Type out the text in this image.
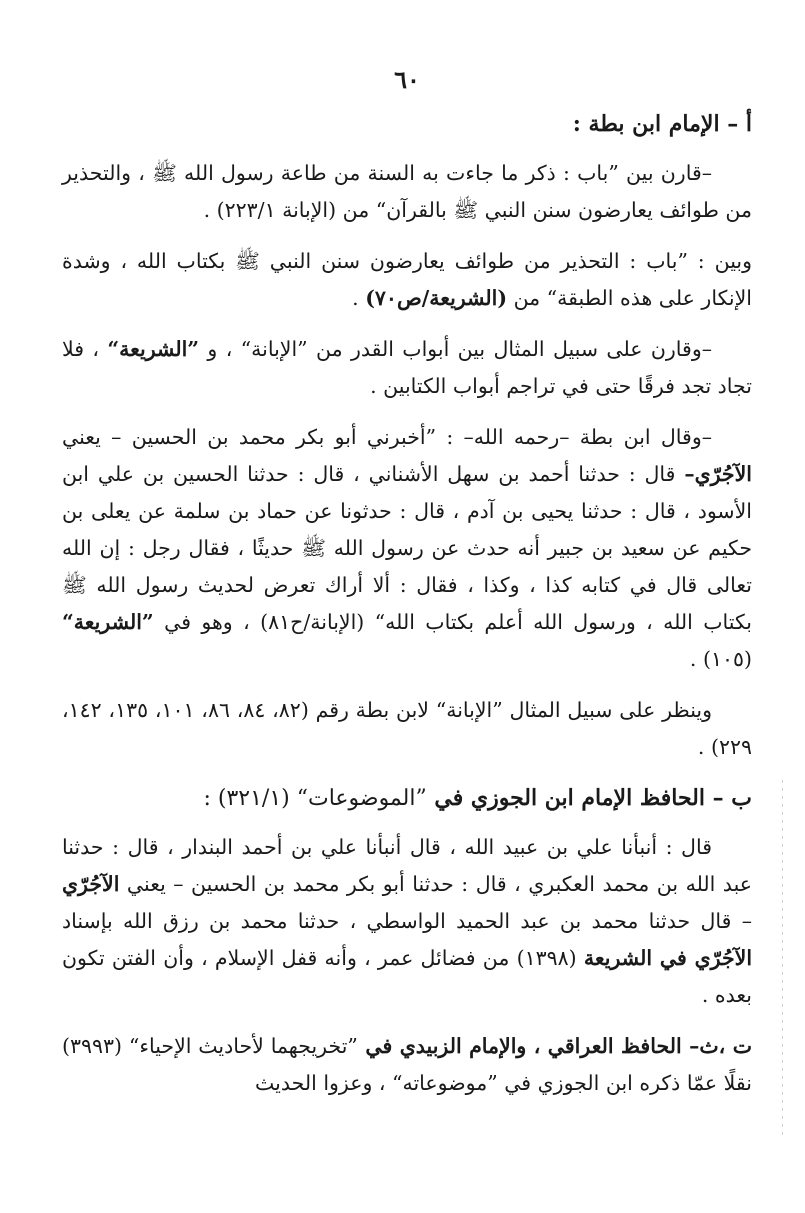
٦٠
أ – الإمام ابن بطة :

–قارن بين ”باب : ذكر ما جاءت به السنة من طاعة رسول الله ﷺ ، والتحذير من طوائف يعارضون سنن النبي ﷺ بالقرآن“ من (الإبانة ٢٢٣/١) .

وبين : ”باب : التحذير من طوائف يعارضون سنن النبي ﷺ بكتاب الله ، وشدة الإنكار على هذه الطبقة“ من (الشريعة/ص٧٠) .

–وقارن على سبيل المثال بين أبواب القدر من ”الإبانة“ ، و ”الشريعة“ ، فلا تجاد تجد فرقًا حتى في تراجم أبواب الكتابين .

–وقال ابن بطة –رحمه الله– : ”أخبرني أبو بكر محمد بن الحسين – يعني الآجُرّي– قال : حدثنا أحمد بن سهل الأشناني ، قال : حدثنا الحسين بن علي ابن الأسود ، قال : حدثنا يحيى بن آدم ، قال : حدثونا عن حماد بن سلمة عن يعلى بن حكيم عن سعيد بن جبير أنه حدث عن رسول الله ﷺ حديثًا ، فقال رجل : إن الله تعالى قال في كتابه كذا ، وكذا ، فقال : ألا أراك تعرض لحديث رسول الله ﷺ بكتاب الله ، ورسول الله أعلم بكتاب الله“ (الإبانة/ح٨١) ، وهو في ”الشريعة“ (١٠٥) .

وينظر على سبيل المثال ”الإبانة“ لابن بطة رقم (٨٢، ٨٤، ٨٦، ١٠١، ١٣٥، ١٤٢، ٢٢٩) .

ب – الحافظ الإمام ابن الجوزي في ”الموضوعات“ (٣٢١/١) :

قال : أنبأنا علي بن عبيد الله ، قال أنبأنا علي بن أحمد البندار ، قال : حدثنا عبد الله بن محمد العكبري ، قال : حدثنا أبو بكر محمد بن الحسين – يعني الآجُرّي – قال حدثنا محمد بن عبد الحميد الواسطي ، حدثنا محمد بن رزق الله بإسناد الآجُرّي في الشريعة (١٣٩٨) من فضائل عمر ، وأنه قفل الإسلام ، وأن الفتن تكون بعده .

ت ،ث– الحافظ العراقي ، والإمام الزبيدي في ”تخريجهما لأحاديث الإحياء“ (٣٩٩٣) نقلًا عمّا ذكره ابن الجوزي في ”موضوعاته“ ، وعزوا الحديث
